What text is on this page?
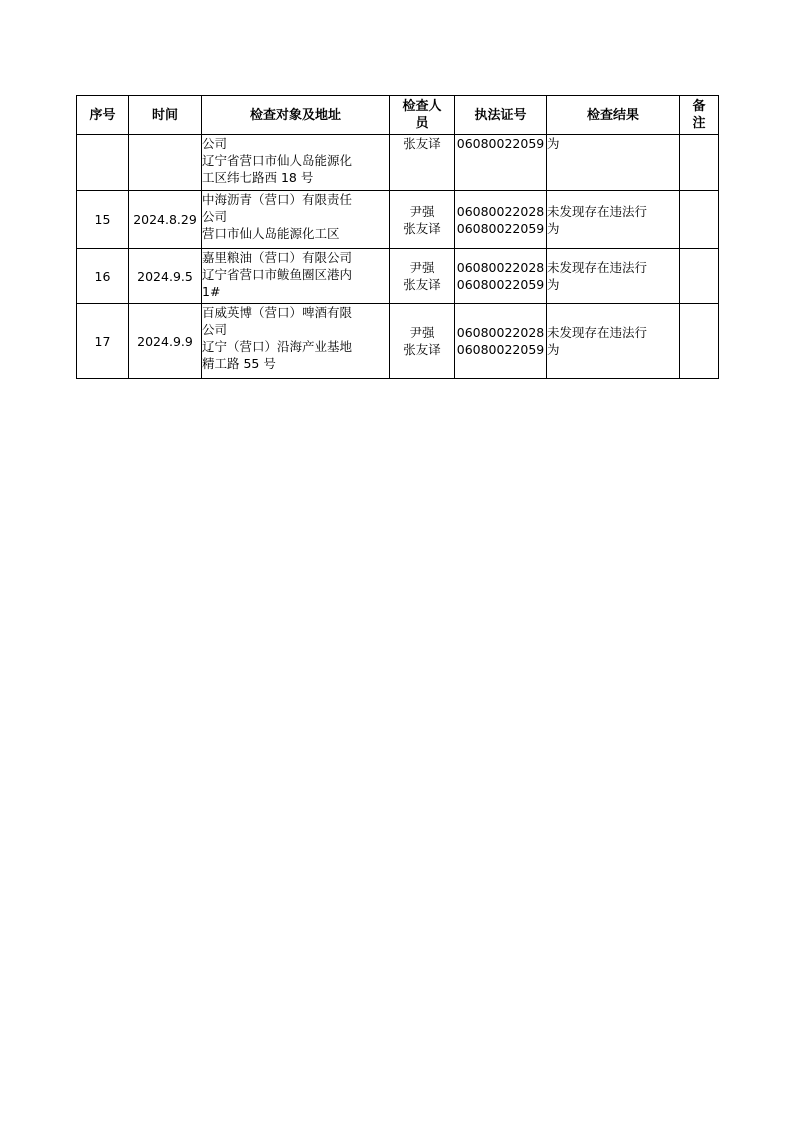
序号	时间	检查对象及地址	检查人
员	执法证号	检查结果	备
注

		公司
辽宁省营口市仙人岛能源化
工区纬七路西 18 号	张友译	06080022059	为	

15	2024.8.29	中海沥青（营口）有限责任
公司
营口市仙人岛能源化工区	尹强
张友译	06080022028
06080022059	未发现存在违法行
为	

16	2024.9.5	嘉里粮油（营口）有限公司
辽宁省营口市鲅鱼圈区港内
1#	尹强
张友译	06080022028
06080022059	未发现存在违法行
为	

17	2024.9.9	百威英博（营口）啤酒有限
公司
辽宁（营口）沿海产业基地
精工路 55 号	尹强
张友译	06080022028
06080022059	未发现存在违法行
为	
